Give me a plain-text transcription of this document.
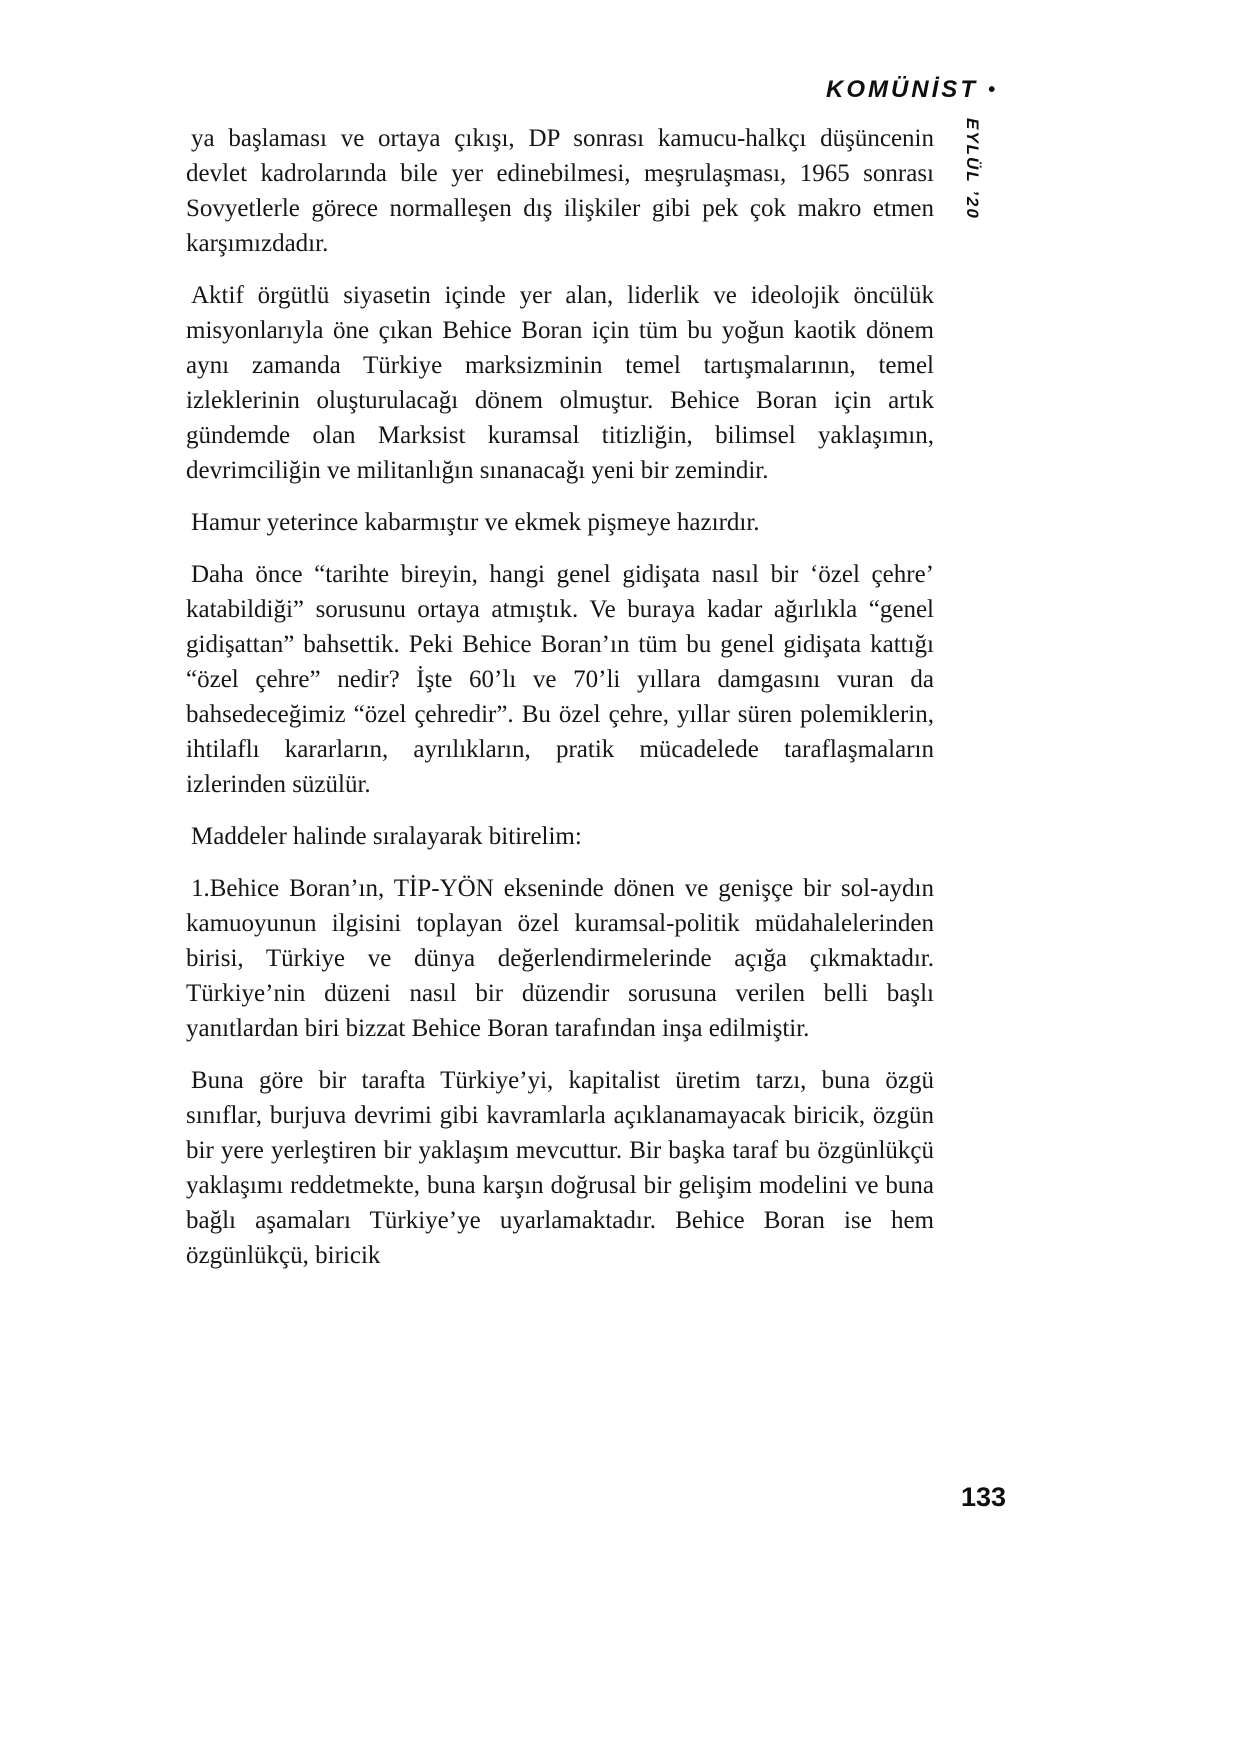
KOMÜNİST •
EYLÜL ’20

ya başlaması ve ortaya çıkışı, DP sonrası kamucu-halkçı düşüncenin devlet kadrolarında bile yer edinebilmesi, meşrulaşması, 1965 sonrası Sovyetlerle görece normalleşen dış ilişkiler gibi pek çok makro etmen karşımızdadır.

Aktif örgütlü siyasetin içinde yer alan, liderlik ve ideolojik öncülük misyonlarıyla öne çıkan Behice Boran için tüm bu yoğun kaotik dönem aynı zamanda Türkiye marksizminin temel tartışmalarının, temel izleklerinin oluşturulacağı dönem olmuştur. Behice Boran için artık gündemde olan Marksist kuramsal titizliğin, bilimsel yaklaşımın, devrimciliğin ve militanlığın sınanacağı yeni bir zemindir.

Hamur yeterince kabarmıştır ve ekmek pişmeye hazırdır.

Daha önce “tarihte bireyin, hangi genel gidişata nasıl bir ‘özel çehre’ katabildiği” sorusunu ortaya atmıştık. Ve buraya kadar ağırlıkla “genel gidişattan” bahsettik. Peki Behice Boran’ın tüm bu genel gidişata kattığı “özel çehre” nedir? İşte 60’lı ve 70’li yıllara damgasını vuran da bahsedeceğimiz “özel çehredir”. Bu özel çehre, yıllar süren polemiklerin, ihtilaflı kararların, ayrılıkların, pratik mücadelede taraflaşmaların izlerinden süzülür.

Maddeler halinde sıralayarak bitirelim:

1.Behice Boran’ın, TİP-YÖN ekseninde dönen ve genişçe bir sol-aydın kamuoyunun ilgisini toplayan özel kuramsal-politik müdahalelerinden birisi, Türkiye ve dünya değerlendirmelerinde açığa çıkmaktadır. Türkiye’nin düzeni nasıl bir düzendir sorusuna verilen belli başlı yanıtlardan biri bizzat Behice Boran tarafından inşa edilmiştir.

Buna göre bir tarafta Türkiye’yi, kapitalist üretim tarzı, buna özgü sınıflar, burjuva devrimi gibi kavramlarla açıklanamayacak biricik, özgün bir yere yerleştiren bir yaklaşım mevcuttur. Bir başka taraf bu özgünlükçü yaklaşımı reddetmekte, buna karşın doğrusal bir gelişim modelini ve buna bağlı aşamaları Türkiye’ye uyarlamaktadır. Behice Boran ise hem özgünlükçü, biricik

133
